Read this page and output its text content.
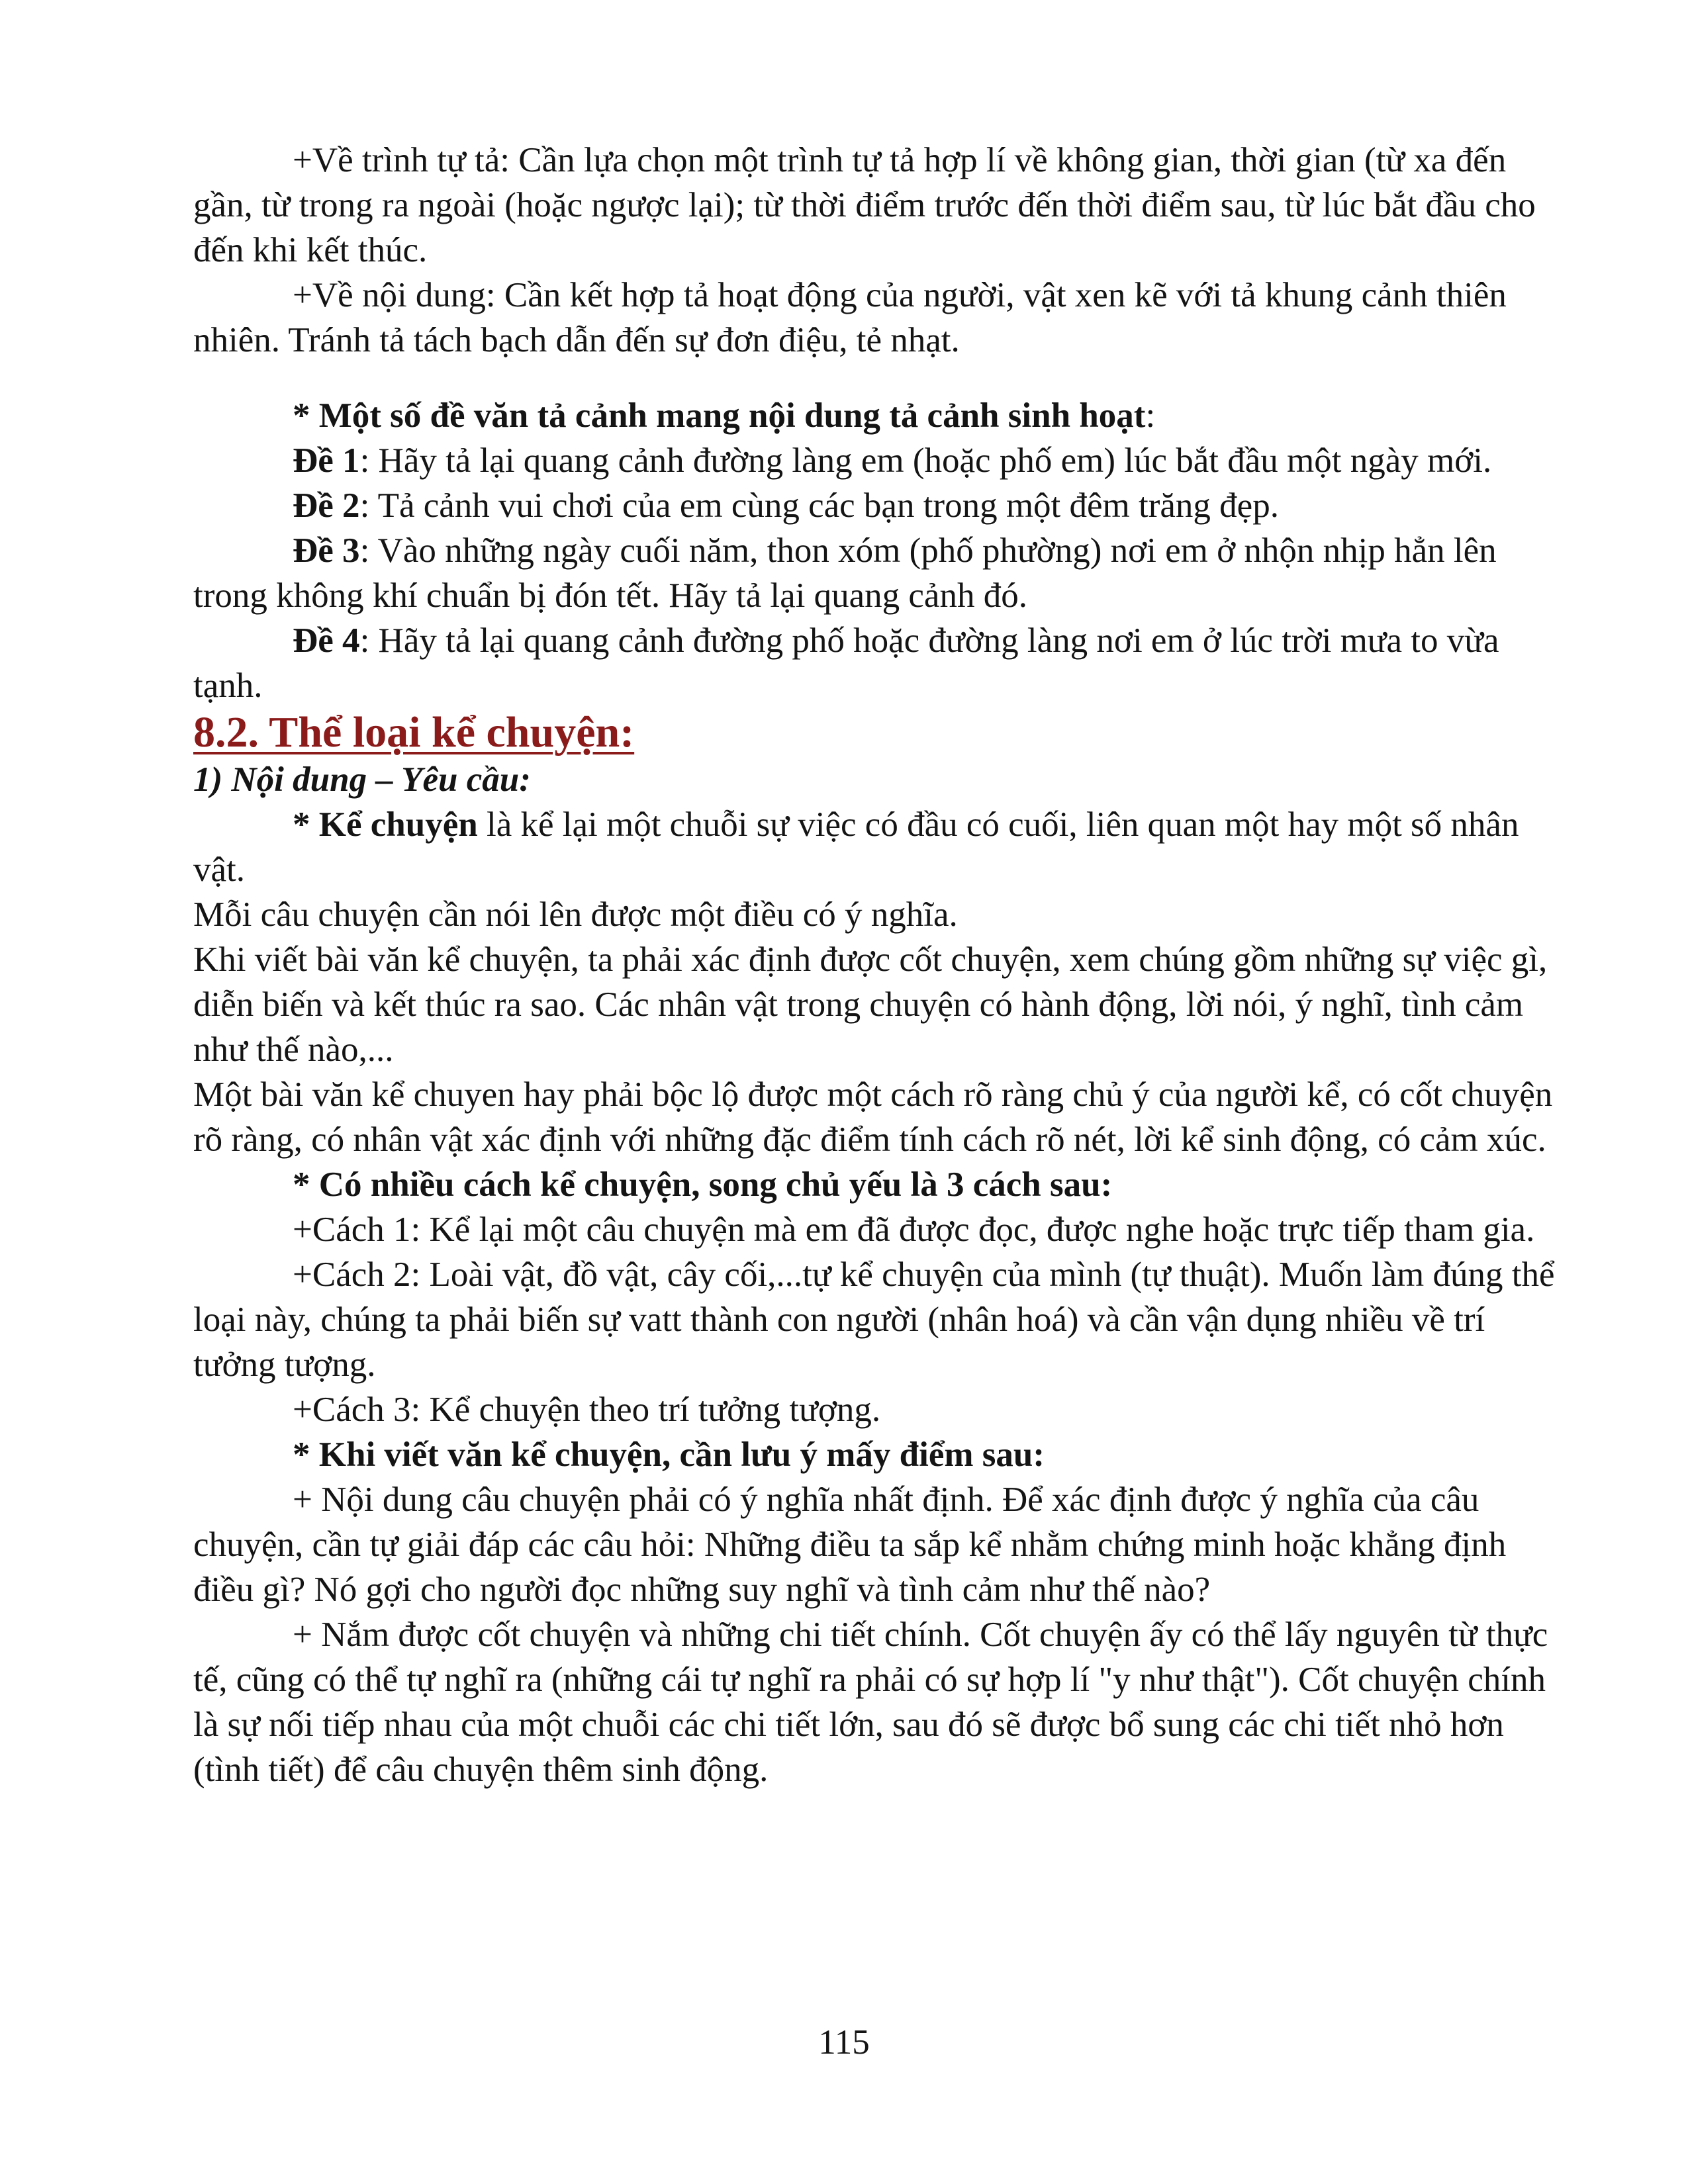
+Về trình tự tả: Cần lựa chọn một trình tự tả hợp lí về không gian, thời gian (từ xa đến gần, từ trong ra ngoài (hoặc ngược lại); từ thời điểm trước đến thời điểm sau, từ lúc bắt đầu cho đến khi kết thúc.

+Về nội dung: Cần kết hợp tả hoạt động của người, vật xen kẽ với tả khung cảnh thiên nhiên. Tránh tả tách bạch dẫn đến sự đơn điệu, tẻ nhạt.

* Một số đề văn tả cảnh mang nội dung tả cảnh sinh hoạt:

Đề 1: Hãy tả lại quang cảnh đường làng em (hoặc phố em) lúc bắt đầu một ngày mới.

Đề 2: Tả cảnh vui chơi của em cùng các bạn trong một đêm trăng đẹp.

Đề 3: Vào những ngày cuối năm, thon xóm (phố phường) nơi em ở nhộn nhịp hẳn lên trong không khí chuẩn bị đón tết. Hãy tả lại quang cảnh đó.

Đề 4: Hãy tả lại quang cảnh đường phố hoặc đường làng nơi em ở lúc trời mưa to vừa tạnh.

8.2. Thể loại kể chuyện:

1) Nội dung – Yêu cầu:

* Kể chuyện là kể lại một chuỗi sự việc có đầu có cuối, liên quan một hay một số nhân vật.

Mỗi câu chuyện cần nói lên được một điều có ý nghĩa.

Khi viết bài văn kể chuyện, ta phải xác định được cốt chuyện, xem chúng gồm những sự việc gì, diễn biến và kết thúc ra sao. Các nhân vật trong chuyện có hành động, lời nói, ý nghĩ, tình cảm như thế nào,...

Một bài văn kể chuyen hay phải bộc lộ được một cách rõ ràng chủ ý của người kể, có cốt chuyện rõ ràng, có nhân vật xác định với những đặc điểm tính cách rõ nét, lời kể sinh động, có cảm xúc.

* Có nhiều cách kể chuyện, song chủ yếu là 3 cách sau:

+Cách 1: Kể lại một câu chuyện mà em đã được đọc, được nghe hoặc trực tiếp tham gia.

+Cách 2: Loài vật, đồ vật, cây cối,...tự kể chuyện của mình (tự thuật). Muốn làm đúng thể loại này, chúng ta phải biến sự vatt thành con người (nhân hoá) và cần vận dụng nhiều về trí tưởng tượng.

+Cách 3: Kể chuyện theo trí tưởng tượng.

* Khi viết văn kể chuyện, cần lưu ý mấy điểm sau:

+ Nội dung câu chuyện phải có ý nghĩa nhất định. Để xác định được ý nghĩa của câu chuyện, cần tự giải đáp các câu hỏi: Những điều ta sắp kể nhằm chứng minh hoặc khẳng định điều gì? Nó gợi cho người đọc những suy nghĩ và tình cảm như thế nào?

+ Nắm được cốt chuyện và những chi tiết chính. Cốt chuyện ấy có thể lấy nguyên từ thực tế, cũng có thể tự nghĩ ra (những cái tự nghĩ ra phải có sự hợp lí "y như thật"). Cốt chuyện chính là sự nối tiếp nhau của một chuỗi các chi tiết lớn, sau đó sẽ được bổ sung các chi tiết nhỏ hơn (tình tiết) để câu chuyện thêm sinh động.

115
